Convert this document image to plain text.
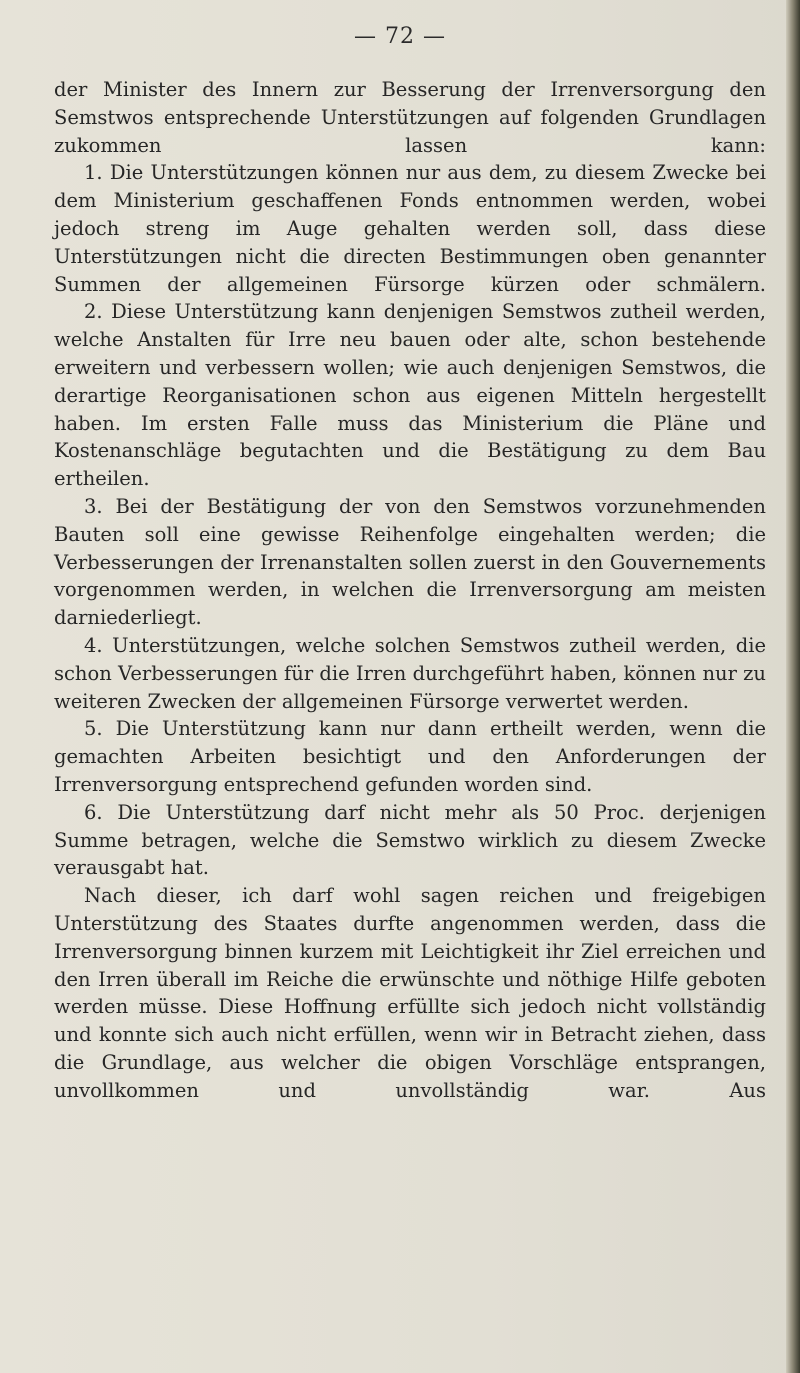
— 72 —

der Minister des Innern zur Besserung der Irrenversorgung den Semstwos entsprechende Unterstützungen auf folgenden Grundlagen zukommen lassen kann:

1. Die Unterstützungen können nur aus dem, zu diesem Zwecke bei dem Ministerium geschaffenen Fonds entnommen werden, wobei jedoch streng im Auge gehalten werden soll, dass diese Unterstützungen nicht die directen Bestimmungen oben genannter Summen der allgemeinen Fürsorge kürzen oder schmälern.

2. Diese Unterstützung kann denjenigen Semstwos zutheil werden, welche Anstalten für Irre neu bauen oder alte, schon bestehende erweitern und verbessern wollen; wie auch denjenigen Semstwos, die derartige Reorganisationen schon aus eigenen Mitteln hergestellt haben. Im ersten Falle muss das Ministerium die Pläne und Kostenanschläge begutachten und die Bestätigung zu dem Bau ertheilen.

3. Bei der Bestätigung der von den Semstwos vorzunehmenden Bauten soll eine gewisse Reihenfolge eingehalten werden; die Verbesserungen der Irrenanstalten sollen zuerst in den Gouvernements vorgenommen werden, in welchen die Irrenversorgung am meisten darniederliegt.

4. Unterstützungen, welche solchen Semstwos zutheil werden, die schon Verbesserungen für die Irren durchgeführt haben, können nur zu weiteren Zwecken der allgemeinen Fürsorge verwertet werden.

5. Die Unterstützung kann nur dann ertheilt werden, wenn die gemachten Arbeiten besichtigt und den Anforderungen der Irrenversorgung entsprechend gefunden worden sind.

6. Die Unterstützung darf nicht mehr als 50 Proc. derjenigen Summe betragen, welche die Semstwo wirklich zu diesem Zwecke verausgabt hat.

Nach dieser, ich darf wohl sagen reichen und freigebigen Unterstützung des Staates durfte angenommen werden, dass die Irrenversorgung binnen kurzem mit Leichtigkeit ihr Ziel erreichen und den Irren überall im Reiche die erwünschte und nöthige Hilfe geboten werden müsse. Diese Hoffnung erfüllte sich jedoch nicht vollständig und konnte sich auch nicht erfüllen, wenn wir in Betracht ziehen, dass die Grundlage, aus welcher die obigen Vorschläge entsprangen, unvollkommen und unvollständig war. Aus
